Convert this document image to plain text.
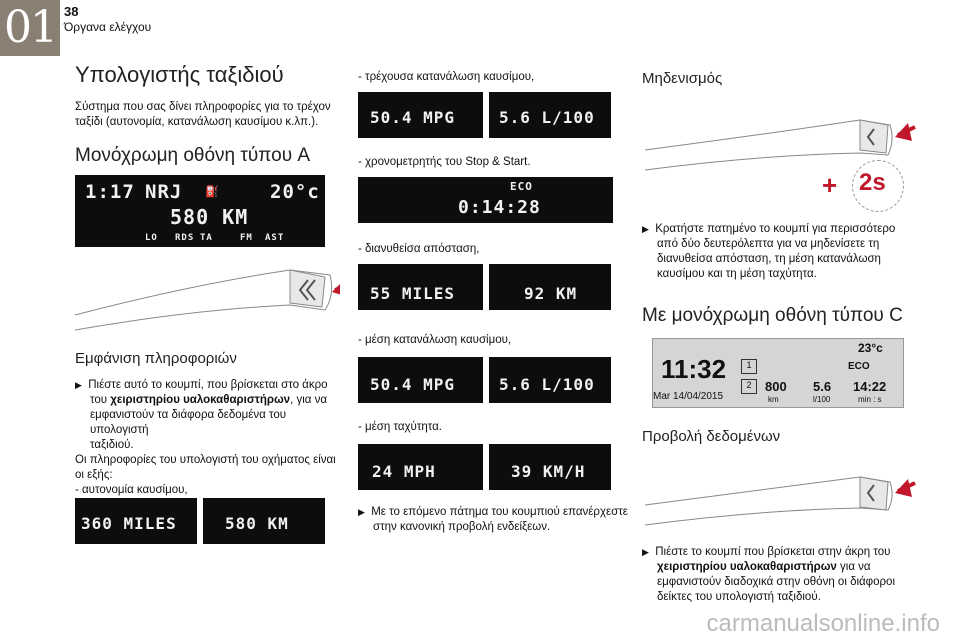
01 38
Όργανα ελέγχου
Υπολογιστής ταξιδιού
Σύστημα που σας δίνει πληροφορίες για το τρέχον
ταξίδι (αυτονομία, κατανάλωση καυσίμου κ.λπ.).
Μονόχρωμη οθόνη τύπου A
1:17 NRJ	20°c
⛽
580 KM
LO RDS TA	FM AST
Εμφάνιση πληροφοριών
▶ Πιέστε αυτό το κουμπί, που βρίσκεται στο άκρο
του χειριστηρίου υαλοκαθαριστήρων, για να
εμφανιστούν τα διάφορα δεδομένα του υπολογιστή
ταξιδιού.
Οι πληροφορίες του υπολογιστή του οχήματος είναι
οι εξής:
- αυτονομία καυσίμου,
360 MILES	580 KM
- τρέχουσα κατανάλωση καυσίμου,
50.4 MPG	5.6 L/100
- χρονομετρητής του Stop & Start.
ECO
0:14:28
- διανυθείσα απόσταση,
55 MILES	92 KM
- μέση κατανάλωση καυσίμου,
50.4 MPG	5.6 L/100
- μέση ταχύτητα.
24 MPH	39 KM/H
▶ Με το επόμενο πάτημα του κουμπιού επανέρχεστε
στην κανονική προβολή ενδείξεων.
Μηδενισμός
+ 2s
▶ Κρατήστε πατημένο το κουμπί για περισσότερο
από δύο δευτερόλεπτα για να μηδενίσετε τη
διανυθείσα απόσταση, τη μέση κατανάλωση
καυσίμου και τη μέση ταχύτητα.
Με μονόχρωμη οθόνη τύπου C
11:32
Mar 14/04/2015
1
2
23°c
ECO
800
km
5.6
l/100
14:22
min : s
Προβολή δεδομένων
▶ Πιέστε το κουμπί που βρίσκεται στην άκρη του
χειριστηρίου υαλοκαθαριστήρων για να
εμφανιστούν διαδοχικά στην οθόνη οι διάφοροι
δείκτες του υπολογιστή ταξιδιού.
carmanualsonline.info
